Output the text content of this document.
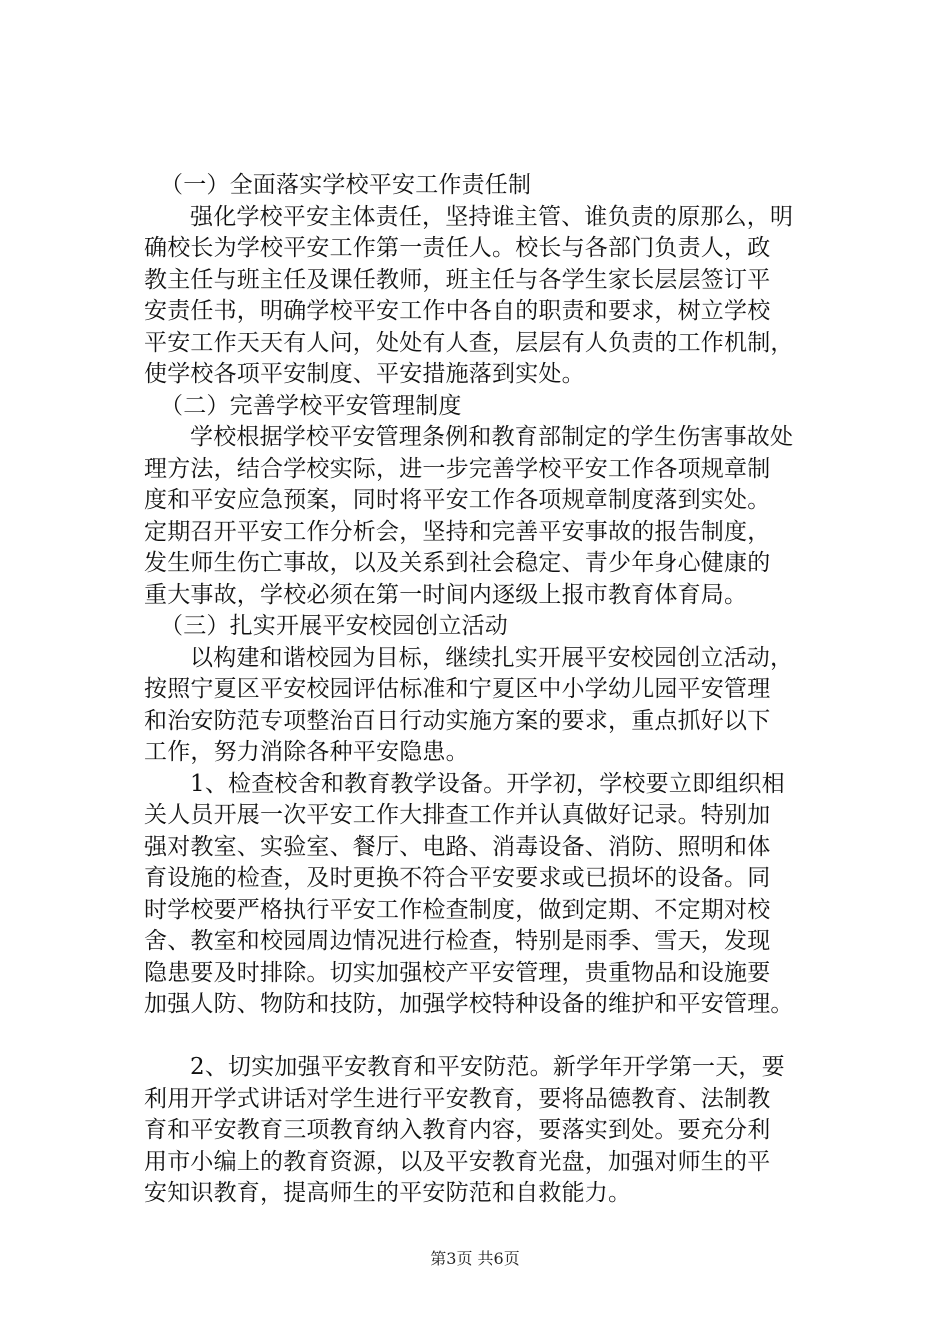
（一）全面落实学校平安工作责任制
强化学校平安主体责任，坚持谁主管、谁负责的原那么，明
确校长为学校平安工作第一责任人。校长与各部门负责人，政
教主任与班主任及课任教师，班主任与各学生家长层层签订平
安责任书，明确学校平安工作中各自的职责和要求，树立学校
平安工作天天有人问，处处有人查，层层有人负责的工作机制，
使学校各项平安制度、平安措施落到实处。
（二）完善学校平安管理制度
学校根据学校平安管理条例和教育部制定的学生伤害事故处
理方法，结合学校实际，进一步完善学校平安工作各项规章制
度和平安应急预案，同时将平安工作各项规章制度落到实处。
定期召开平安工作分析会，坚持和完善平安事故的报告制度，
发生师生伤亡事故，以及关系到社会稳定、青少年身心健康的
重大事故，学校必须在第一时间内逐级上报市教育体育局。
（三）扎实开展平安校园创立活动
以构建和谐校园为目标，继续扎实开展平安校园创立活动，
按照宁夏区平安校园评估标准和宁夏区中小学幼儿园平安管理
和治安防范专项整治百日行动实施方案的要求，重点抓好以下
工作，努力消除各种平安隐患。
1、检查校舍和教育教学设备。开学初，学校要立即组织相
关人员开展一次平安工作大排查工作并认真做好记录。特别加
强对教室、实验室、餐厅、电路、消毒设备、消防、照明和体
育设施的检查，及时更换不符合平安要求或已损坏的设备。同
时学校要严格执行平安工作检查制度，做到定期、不定期对校
舍、教室和校园周边情况进行检查，特别是雨季、雪天，发现
隐患要及时排除。切实加强校产平安管理，贵重物品和设施要
加强人防、物防和技防，加强学校特种设备的维护和平安管理。
2、切实加强平安教育和平安防范。新学年开学第一天，要
利用开学式讲话对学生进行平安教育，要将品德教育、法制教
育和平安教育三项教育纳入教育内容，要落实到处。要充分利
用市小编上的教育资源，以及平安教育光盘，加强对师生的平
安知识教育，提高师生的平安防范和自救能力。
第3页 共6页
